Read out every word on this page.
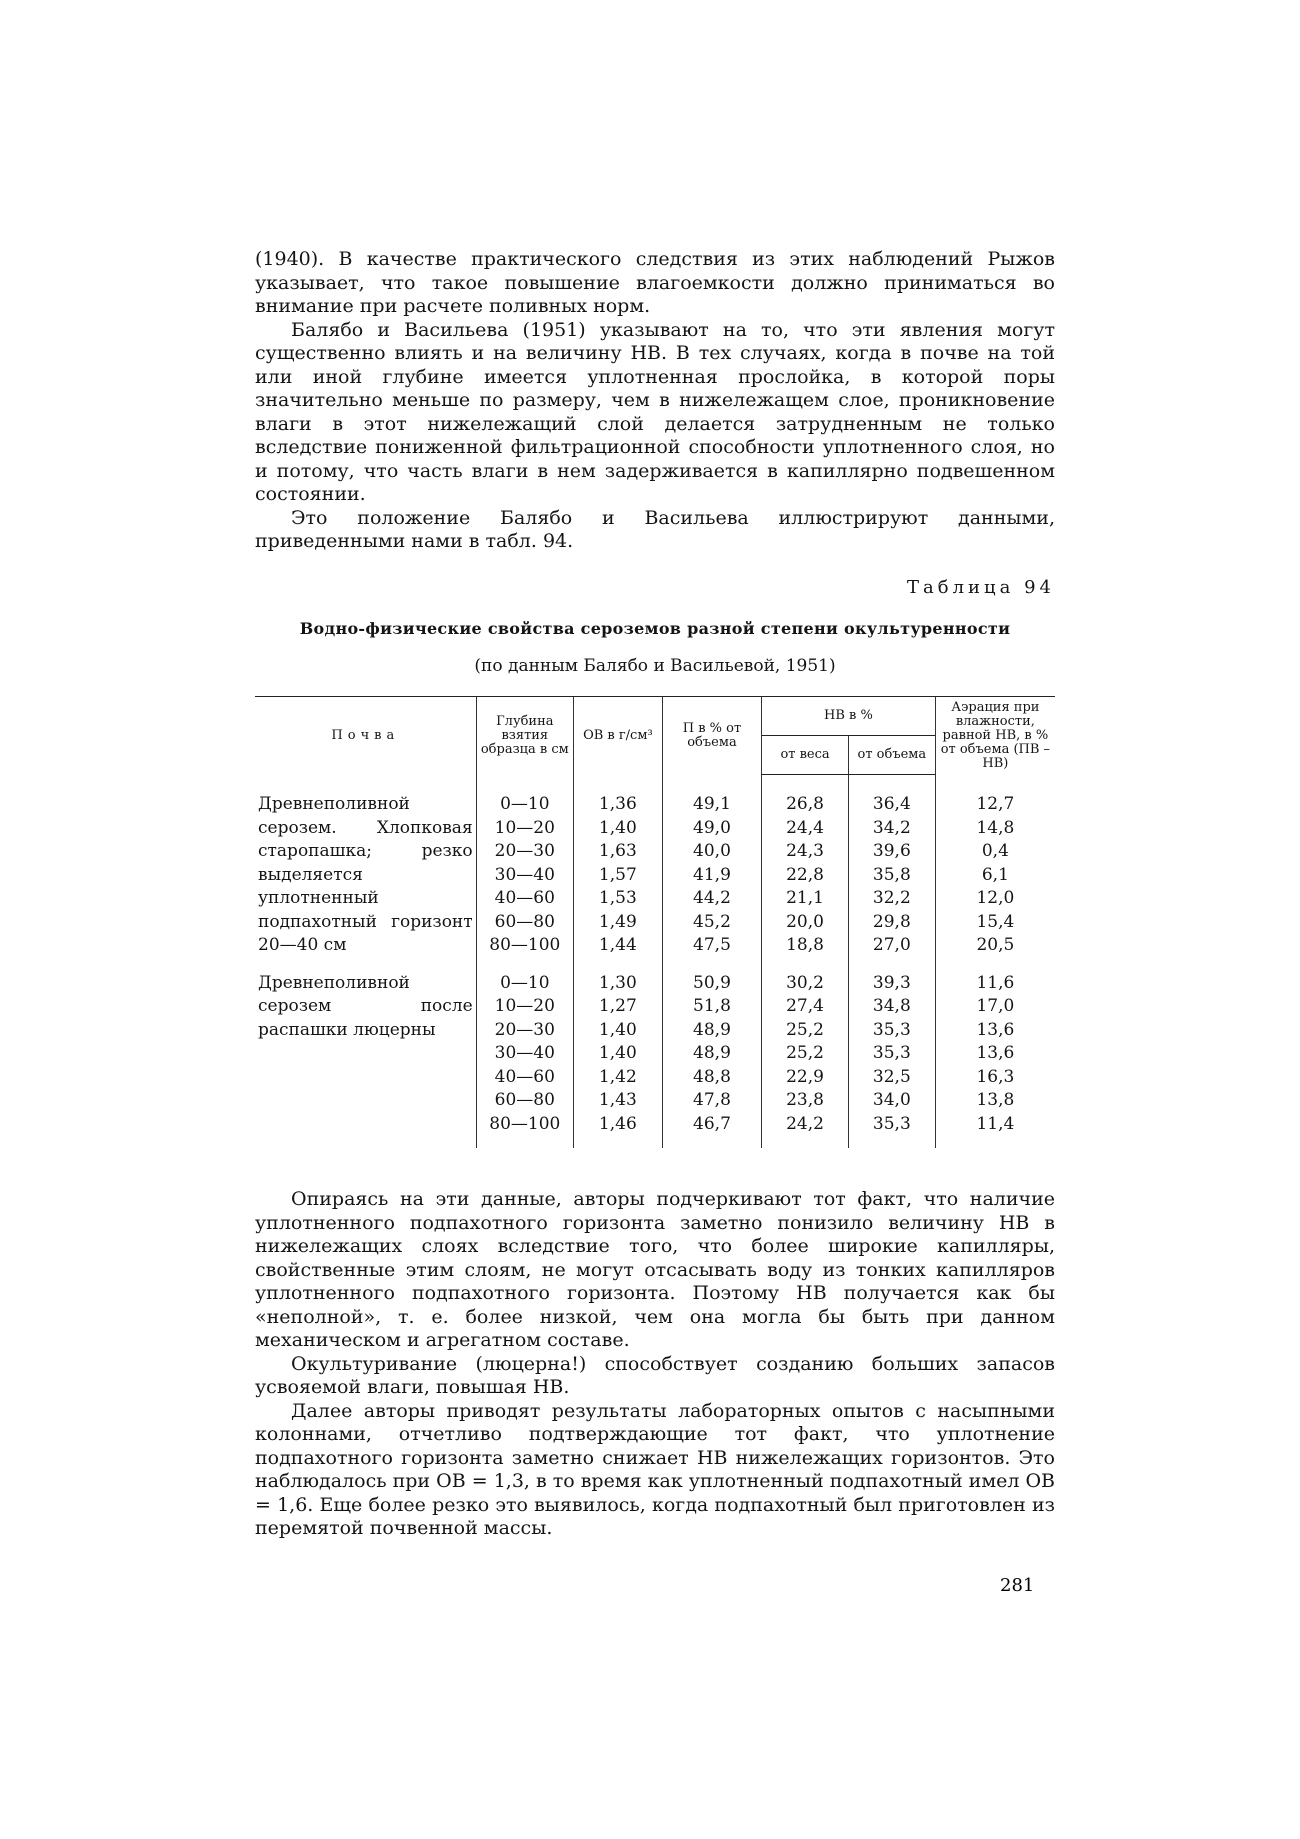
(1940). В качестве практического следствия из этих наблюдений Рыжов указывает, что такое повышение влагоемкости должно приниматься во внимание при расчете поливных норм.

Балябо и Васильева (1951) указывают на то, что эти явления могут существенно влиять и на величину НВ. В тех случаях, когда в почве на той или иной глубине имеется уплотненная прослойка, в которой поры значительно меньше по размеру, чем в нижележащем слое, проникновение влаги в этот нижележащий слой делается затрудненным не только вследствие пониженной фильтрационной способности уплотненного слоя, но и потому, что часть влаги в нем задерживается в капиллярно подвешенном состоянии.

Это положение Балябо и Васильева иллюстрируют данными, приведенными нами в табл. 94.

Таблица 94
Водно-физические свойства сероземов разной степени окультуренности
(по данным Балябо и Васильевой, 1951)
Почва	Глубина взятия образца в см	ОВ в г/см³	П в % от объема	НВ в %		Аэрация при влажности, равной НВ, в % от объема (ПВ –НВ)
				от веса	от объема	

Древнеполивной серозем. Хлопковая старопашка; резко выделяется уплотненный подпахотный горизонт 20—40 см	0—10	1,36	49,1	26,8	36,4	12,7
	10—20	1,40	49,0	24,4	34,2	14,8
	20—30	1,63	40,0	24,3	39,6	0,4
	30—40	1,57	41,9	22,8	35,8	6,1
	40—60	1,53	44,2	21,1	32,2	12,0
	60—80	1,49	45,2	20,0	29,8	15,4
	80—100	1,44	47,5	18,8	27,0	20,5

Древнеполивной серозем после распашки люцерны	0—10	1,30	50,9	30,2	39,3	11,6
	10—20	1,27	51,8	27,4	34,8	17,0
	20—30	1,40	48,9	25,2	35,3	13,6
	30—40	1,40	48,9	25,2	35,3	13,6
	40—60	1,42	48,8	22,9	32,5	16,3
	60—80	1,43	47,8	23,8	34,0	13,8
	80—100	1,46	46,7	24,2	35,3	11,4

Опираясь на эти данные, авторы подчеркивают тот факт, что наличие уплотненного подпахотного горизонта заметно понизило величину НВ в нижележащих слоях вследствие того, что более широкие капилляры, свойственные этим слоям, не могут отсасывать воду из тонких капилляров уплотненного подпахотного горизонта. Поэтому НВ получается как бы «неполной», т. е. более низкой, чем она могла бы быть при данном механическом и агрегатном составе.

Окультуривание (люцерна!) способствует созданию больших запасов усвояемой влаги, повышая НВ.

Далее авторы приводят результаты лабораторных опытов с насыпными колоннами, отчетливо подтверждающие тот факт, что уплотнение подпахотного горизонта заметно снижает НВ нижележащих горизонтов. Это наблюдалось при ОВ = 1,3, в то время как уплотненный подпахотный имел ОВ = 1,6. Еще более резко это выявилось, когда подпахотный был приготовлен из перемятой почвенной массы.

281
